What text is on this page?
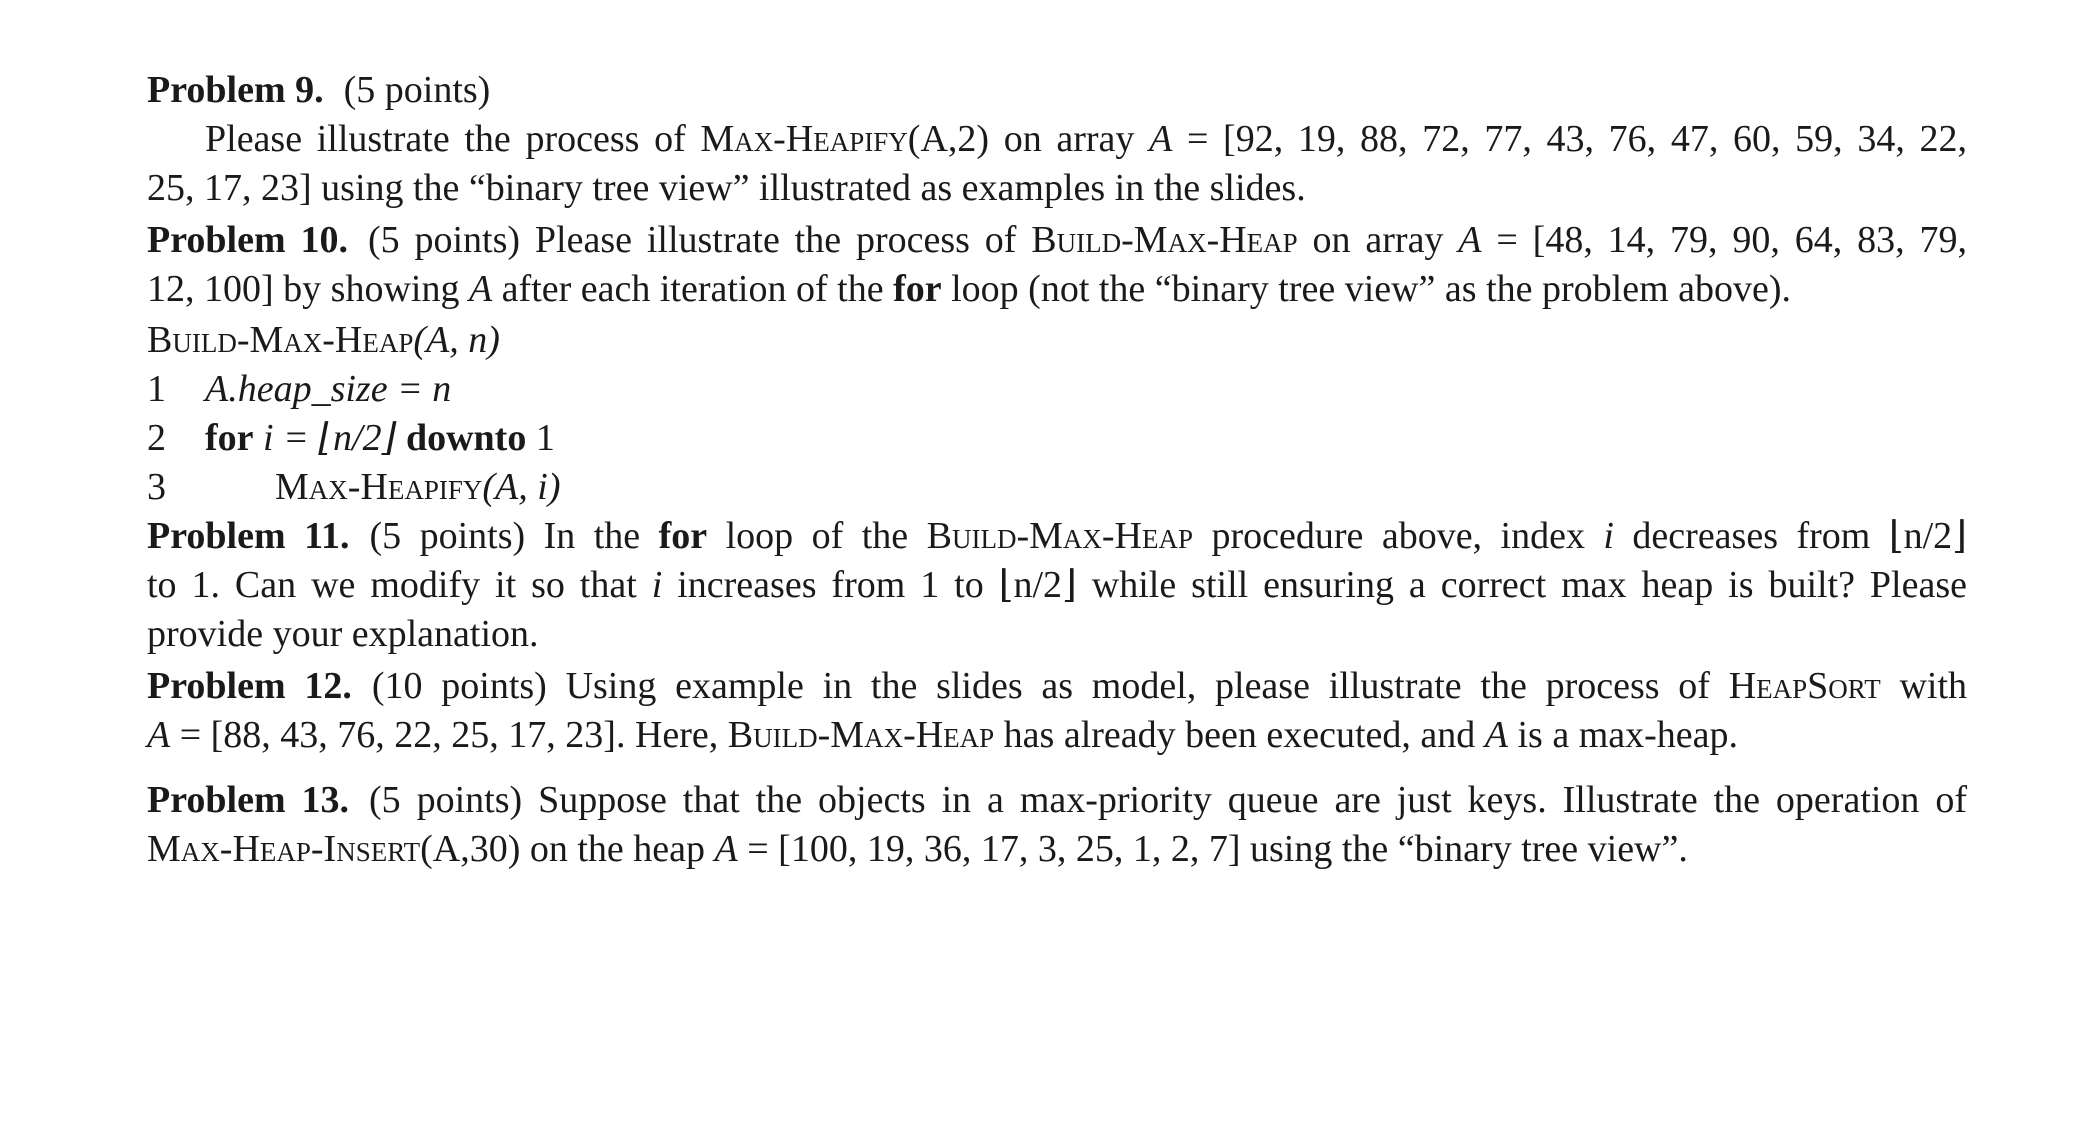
Problem 9. (5 points)
Please illustrate the process of Max-Heapify(A,2) on array A = [92, 19, 88, 72, 77, 43, 76, 47, 60, 59, 34, 22,
25, 17, 23] using the “binary tree view” illustrated as examples in the slides.
Problem 10. (5 points) Please illustrate the process of Build-Max-Heap on array A = [48, 14, 79, 90, 64, 83, 79,
12, 100] by showing A after each iteration of the for loop (not the “binary tree view” as the problem above).
Build-Max-Heap(A, n)
1	A.heap_size = n
2	for i = ⌊n/2⌋ downto 1
3	Max-Heapify(A, i)
Problem 11. (5 points) In the for loop of the Build-Max-Heap procedure above, index i decreases from ⌊n/2⌋
to 1. Can we modify it so that i increases from 1 to ⌊n/2⌋ while still ensuring a correct max heap is built? Please
provide your explanation.
Problem 12. (10 points) Using example in the slides as model, please illustrate the process of HeapSort with
A = [88, 43, 76, 22, 25, 17, 23]. Here, Build-Max-Heap has already been executed, and A is a max-heap.
Problem 13. (5 points) Suppose that the objects in a max-priority queue are just keys. Illustrate the operation of
Max-Heap-Insert(A,30) on the heap A = [100, 19, 36, 17, 3, 25, 1, 2, 7] using the “binary tree view”.
